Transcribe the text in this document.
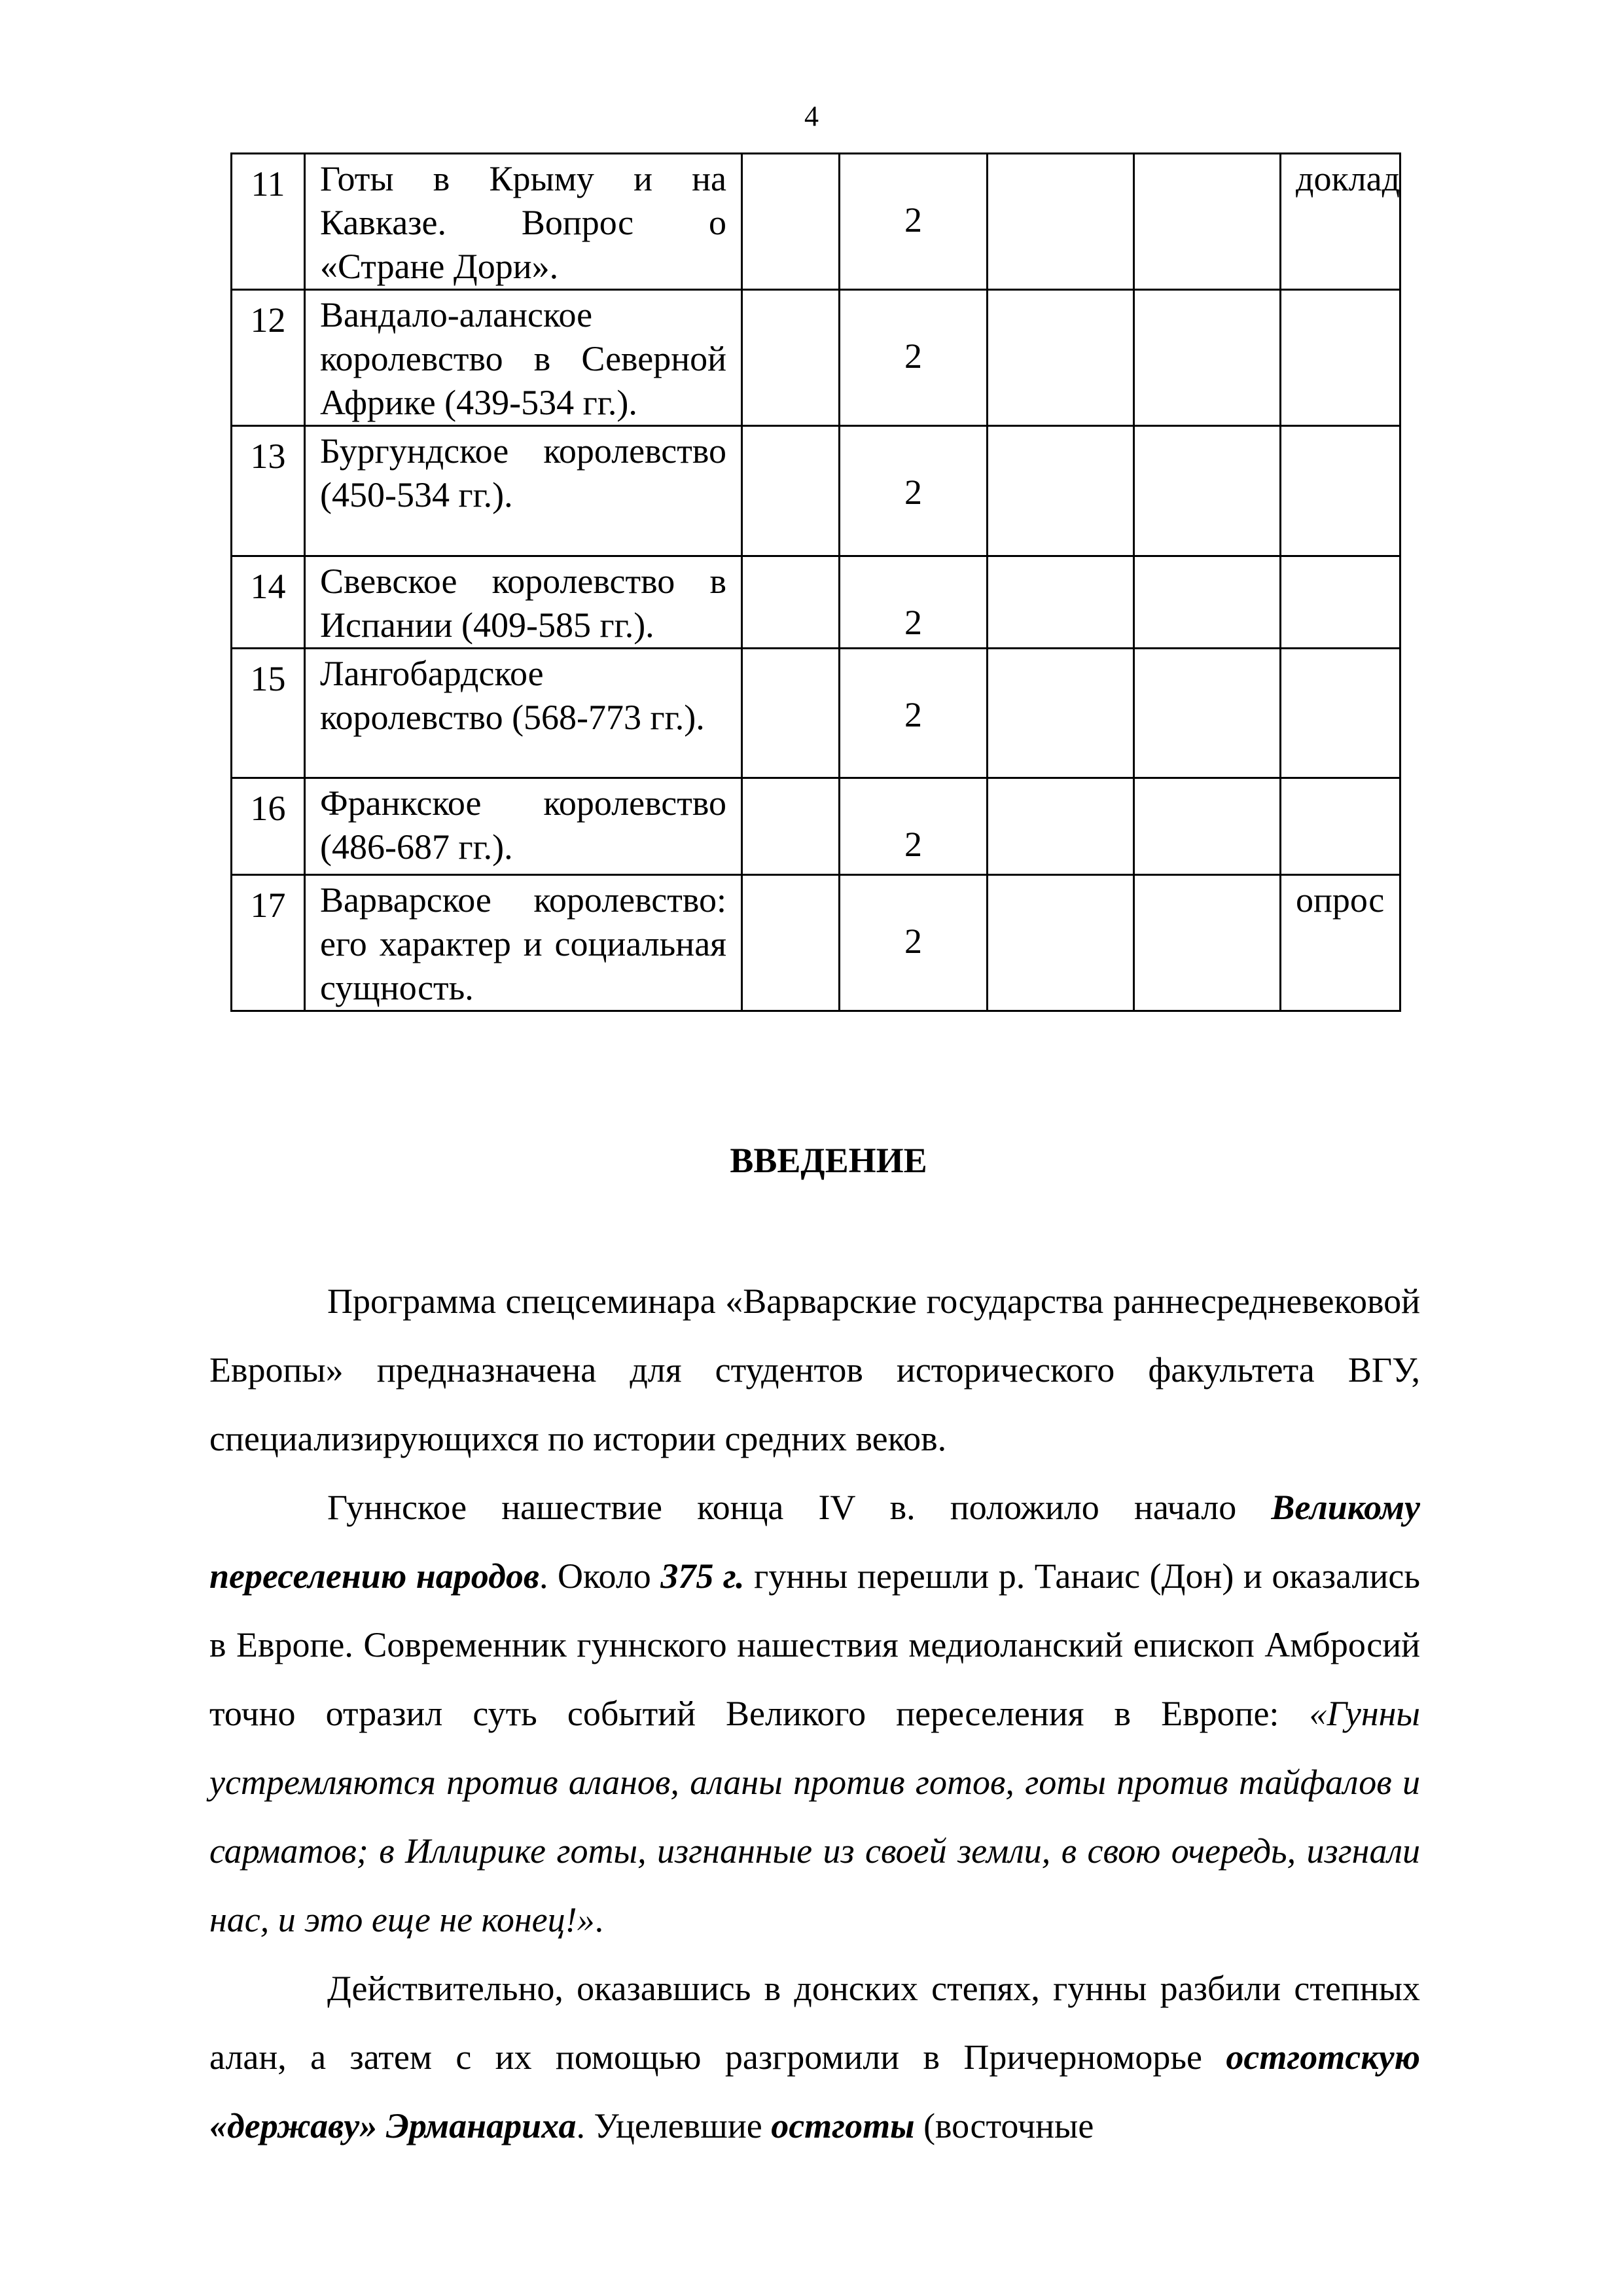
4
11	Готы в Крыму и на Кавказе. Вопрос о «Стране Дори».		2			доклад
12	Вандало-аланское королевство в Северной Африке (439-534 гг.).		2			

13	Бургундское королевство (450-534 гг.).		2			

14	Свевское королевство в Испании (409-585 гг.).		2			

15	Лангобардское королевство (568-773 гг.).		2			

16	Франкское королевство (486-687 гг.).		2			

17	Варварское королевство: его характер и социальная сущность.		2			опрос
ВВЕДЕНИЕ

Программа спецсеминара «Варварские государства раннесредневековой Европы» предназначена для студентов исторического факультета ВГУ, специализирующихся по истории средних веков.

Гуннское нашествие конца IV в. положило начало Великому переселению народов. Около 375 г. гунны перешли р. Танаис (Дон) и оказались в Европе. Современник гуннского нашествия медиоланский епископ Амбросий точно отразил суть событий Великого переселения в Европе: «Гунны устремляются против аланов, аланы против готов, готы против тайфалов и сарматов; в Иллирике готы, изгнанные из своей земли, в свою очередь, изгнали нас, и это еще не конец!».

Действительно, оказавшись в донских степях, гунны разбили степных алан, а затем с их помощью разгромили в Причерноморье остготскую «державу» Эрманариха. Уцелевшие остготы (восточные
